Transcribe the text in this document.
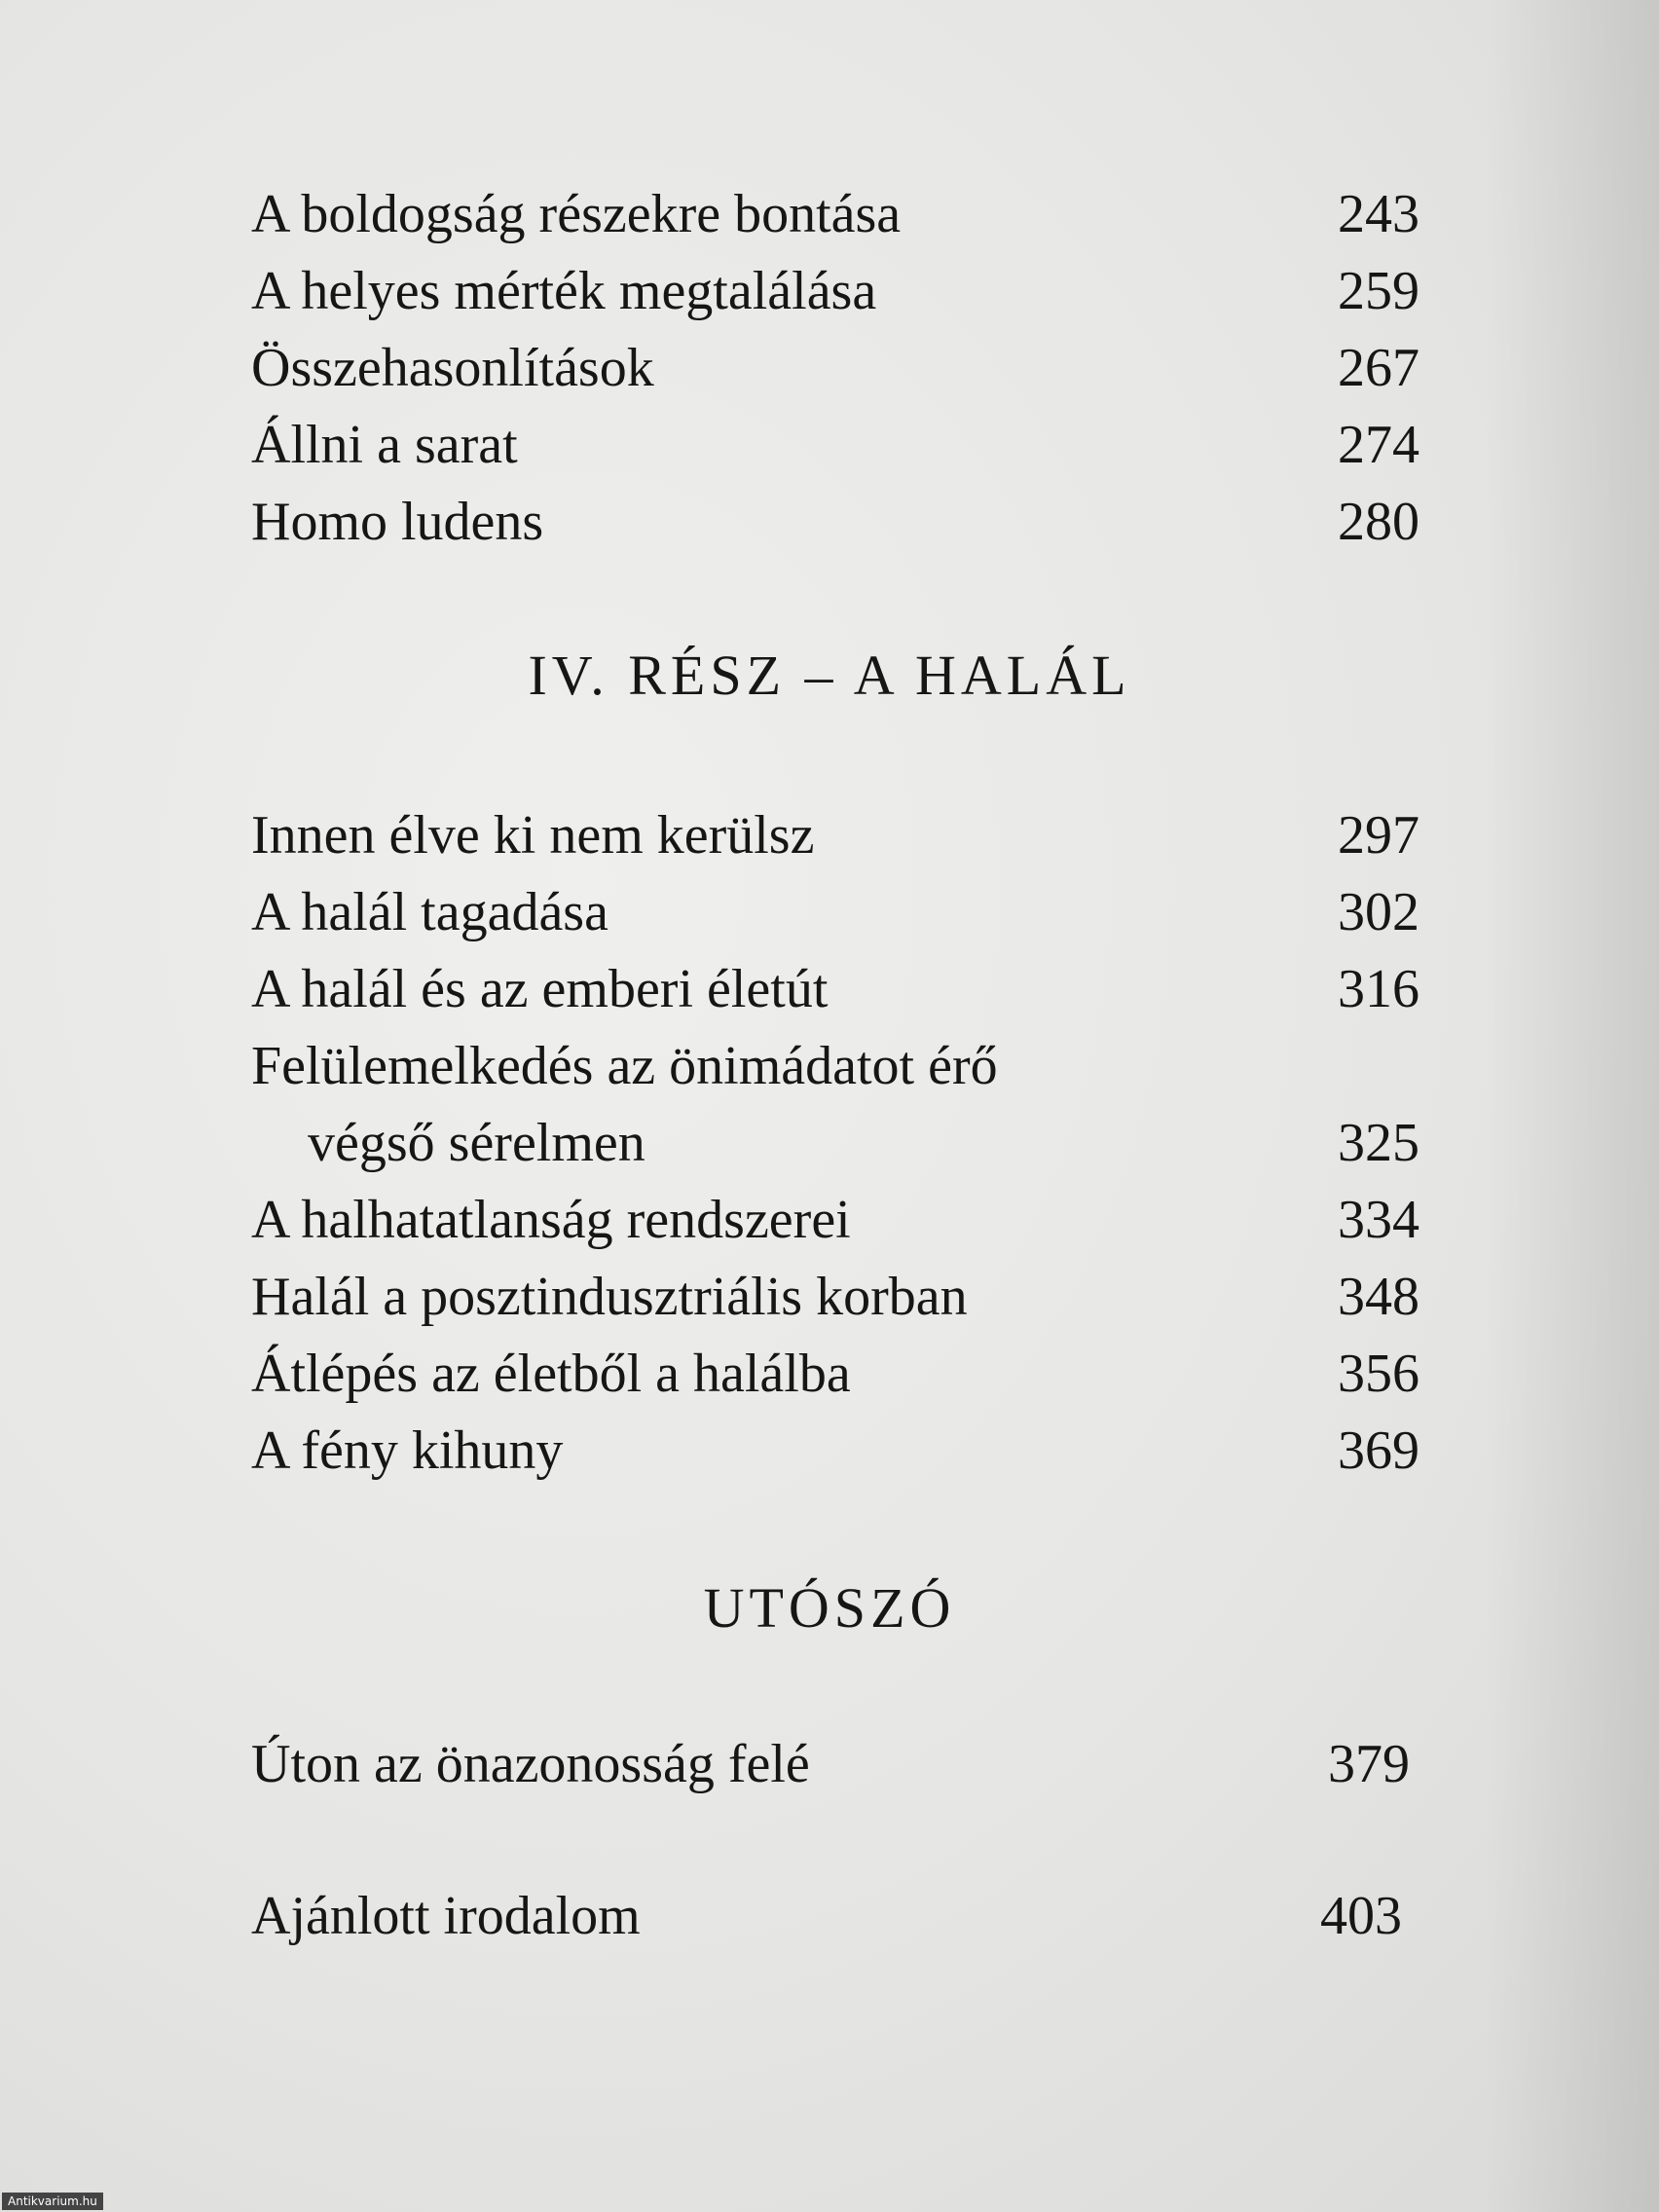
A boldogság részekre bontása	243
A helyes mérték megtalálása	259
Összehasonlítások	267
Állni a sarat	274
Homo ludens	280
IV. RÉSZ – A HALÁL
Innen élve ki nem kerülsz	297
A halál tagadása	302
A halál és az emberi életút	316
Felülemelkedés az önimádatot érő
végső sérelmen	325
A halhatatlanság rendszerei	334
Halál a posztindusztriális korban	348
Átlépés az életből a halálba	356
A fény kihuny	369
UTÓSZÓ
Úton az önazonosság felé	379
Ajánlott irodalom	403
Antikvarium.hu
